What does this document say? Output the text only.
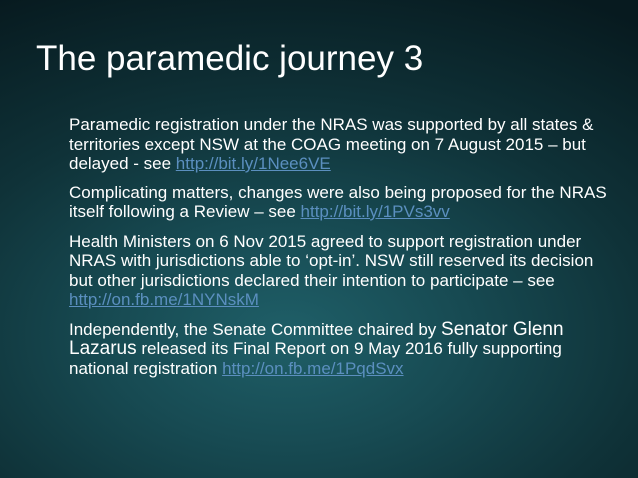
The paramedic journey 3

Paramedic registration under the NRAS was supported by all states & territories except NSW at the COAG meeting on 7 August 2015 – but delayed - see http://bit.ly/1Nee6VE

Complicating matters, changes were also being proposed for the NRAS itself following a Review – see http://bit.ly/1PVs3vv

Health Ministers on 6 Nov 2015 agreed to support registration under NRAS with jurisdictions able to ‘opt-in’. NSW still reserved its decision but other jurisdictions declared their intention to participate – see http://on.fb.me/1NYNskM

Independently, the Senate Committee chaired by Senator Glenn Lazarus released its Final Report on 9 May 2016 fully supporting national registration http://on.fb.me/1PqdSvx
